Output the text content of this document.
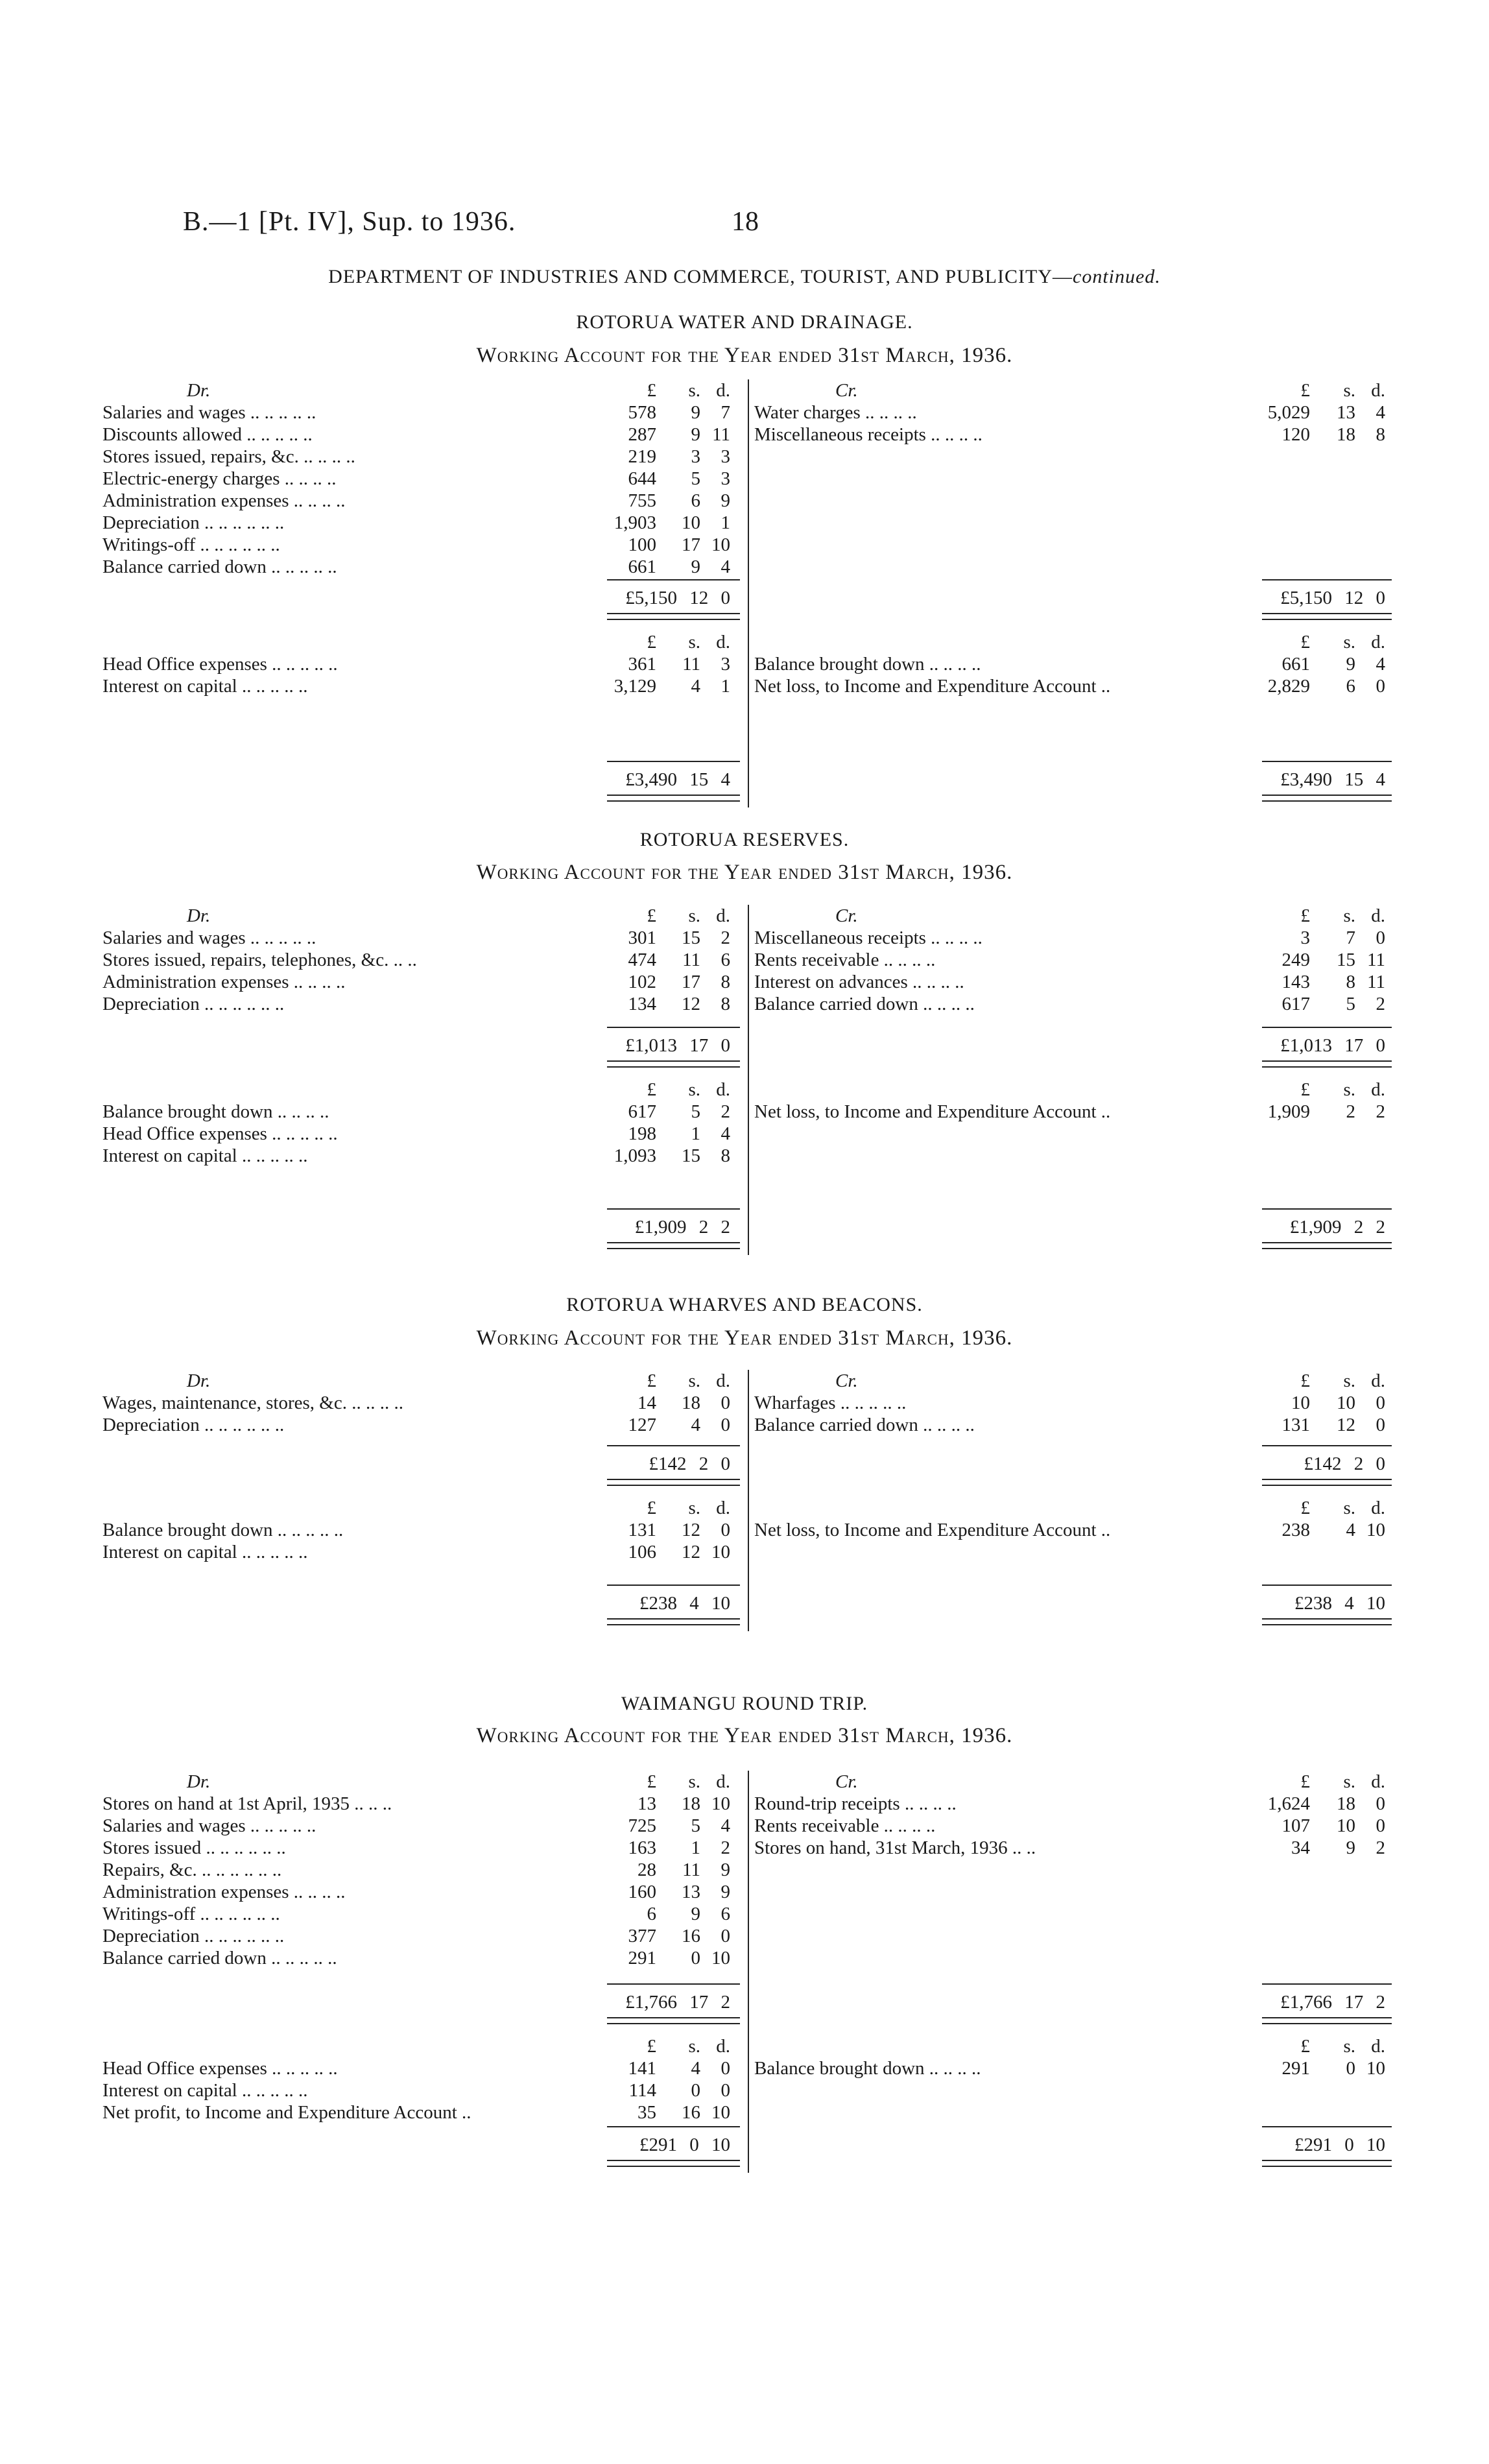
B.—1 [Pt. IV], Sup. to 1936.	18
DEPARTMENT OF INDUSTRIES AND COMMERCE, TOURIST, AND PUBLICITY—continued.
ROTORUA WATER AND DRAINAGE.
Working Account for the Year ended 31st March, 1936.
Dr.	£	s. d.
Salaries and wages .. .. .. .. ..	578	9	7
Discounts allowed .. .. .. .. ..	287	9 11
Stores issued, repairs, &c. .. .. .. ..	219	3	3
Electric-energy charges .. .. .. ..	644	5	3
Administration expenses .. .. .. ..	755	6	9
Depreciation .. .. .. .. .. ..	1,903	10	1
Writings-off .. .. .. .. .. ..	100	17 10
Balance carried down .. .. .. .. ..	661	9	4
£5,150 12 0
£	s. d.
Head Office expenses .. .. .. .. ..	361	11	3
Interest on capital .. .. .. .. ..	3,129	4	1
£3,490 15 4
Cr.	£	s. d.
Water charges .. .. .. ..	5,029	13	4
Miscellaneous receipts .. .. .. ..	120	18	8
£5,150 12 0
£	s. d.
Balance brought down .. .. .. ..	661	9	4
Net loss, to Income and Expenditure Account ..	2,829	6	0
£3,490 15 4
ROTORUA RESERVES.
Working Account for the Year ended 31st March, 1936.
Dr.	£	s. d.
Salaries and wages .. .. .. .. ..	301	15	2
Stores issued, repairs, telephones, &c. .. ..	474	11	6
Administration expenses .. .. .. ..	102	17	8
Depreciation .. .. .. .. .. ..	134	12	8
£1,013 17 0
£	s. d.
Balance brought down .. .. .. ..	617	5	2
Head Office expenses .. .. .. .. ..	198	1	4
Interest on capital .. .. .. .. ..	1,093	15	8
£1,909 2 2
Cr.	£	s. d.
Miscellaneous receipts .. .. .. ..	3	7	0
Rents receivable .. .. .. ..	249	15 11
Interest on advances .. .. .. ..	143	8 11
Balance carried down .. .. .. ..	617	5	2
£1,013 17 0
£	s. d.
Net loss, to Income and Expenditure Account ..	1,909	2	2
£1,909 2 2
ROTORUA WHARVES AND BEACONS.
Working Account for the Year ended 31st March, 1936.
Dr.	£	s. d.
Wages, maintenance, stores, &c. .. .. .. ..	14	18	0
Depreciation .. .. .. .. .. ..	127	4	0
£142 2 0
£	s. d.
Balance brought down .. .. .. .. ..	131	12	0
Interest on capital .. .. .. .. ..	106	12 10
£238 4 10
Cr.	£	s. d.
Wharfages .. .. .. .. ..	10	10	0
Balance carried down .. .. .. ..	131	12	0
£142 2 0
£	s. d.
Net loss, to Income and Expenditure Account ..	238	4 10
£238 4 10
WAIMANGU ROUND TRIP.
Working Account for the Year ended 31st March, 1936.
Dr.	£	s. d.
Stores on hand at 1st April, 1935 .. .. ..	13	18 10
Salaries and wages .. .. .. .. ..	725	5	4
Stores issued .. .. .. .. .. ..	163	1	2
Repairs, &c. .. .. .. .. .. ..	28	11	9
Administration expenses .. .. .. ..	160	13	9
Writings-off .. .. .. .. .. ..	6	9	6
Depreciation .. .. .. .. .. ..	377	16	0
Balance carried down .. .. .. .. ..	291	0 10
£1,766 17 2
£	s. d.
Head Office expenses .. .. .. .. ..	141	4	0
Interest on capital .. .. .. .. ..	114	0	0
Net profit, to Income and Expenditure Account ..	35	16 10
£291 0 10
Cr.	£	s. d.
Round-trip receipts .. .. .. ..	1,624	18	0
Rents receivable .. .. .. ..	107	10	0
Stores on hand, 31st March, 1936 .. ..	34	9	2
£1,766 17 2
£	s. d.
Balance brought down .. .. .. ..	291	0 10
£291 0 10
